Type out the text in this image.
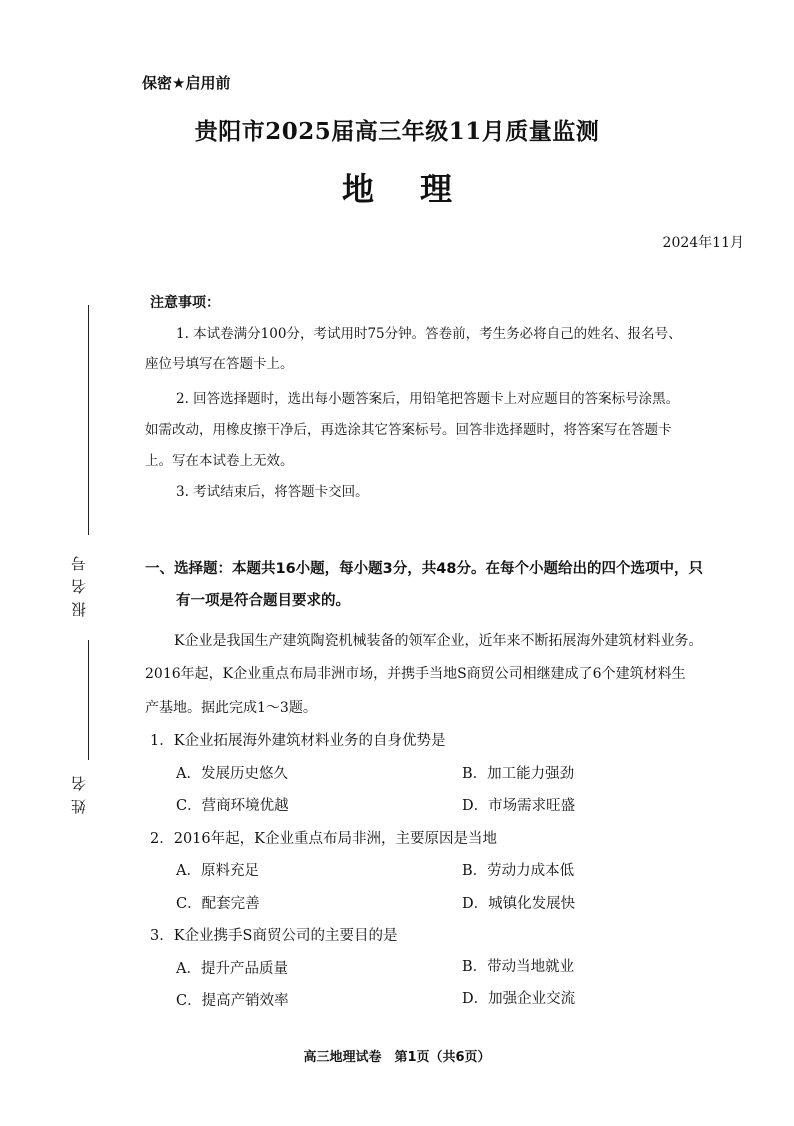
报名号
姓名
保密★启用前
贵阳市2025届高三年级11月质量监测
地理
2024年11月
注意事项：
1. 本试卷满分100分，考试用时75分钟。答卷前，考生务必将自己的姓名、报名号、
座位号填写在答题卡上。
2. 回答选择题时，选出每小题答案后，用铅笔把答题卡上对应题目的答案标号涂黑。
如需改动，用橡皮擦干净后，再选涂其它答案标号。回答非选择题时，将答案写在答题卡
上。写在本试卷上无效。
3. 考试结束后，将答题卡交回。
一、选择题：本题共16小题，每小题3分，共48分。在每个小题给出的四个选项中，只
有一项是符合题目要求的。
K企业是我国生产建筑陶瓷机械装备的领军企业，近年来不断拓展海外建筑材料业务。
2016年起，K企业重点布局非洲市场，并携手当地S商贸公司相继建成了6个建筑材料生
产基地。据此完成1～3题。
1．K企业拓展海外建筑材料业务的自身优势是
A．发展历史悠久	B．加工能力强劲
C．营商环境优越	D．市场需求旺盛
2．2016年起，K企业重点布局非洲，主要原因是当地
A．原料充足	B．劳动力成本低
C．配套完善	D．城镇化发展快
3．K企业携手S商贸公司的主要目的是
A．提升产品质量	B．带动当地就业
C．提高产销效率	D．加强企业交流
高三地理试卷　第1页（共6页）
